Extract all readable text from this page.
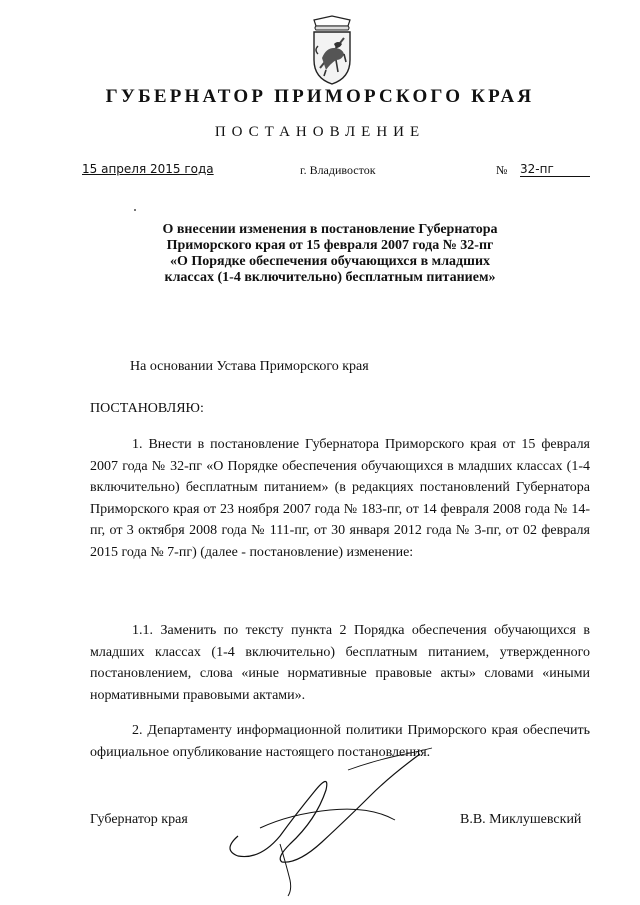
ГУБЕРНАТОР ПРИМОРСКОГО КРАЯ
ПОСТАНОВЛЕНИЕ
15 апреля 2015 года	г. Владивосток	№ 32-пг
О внесении изменения в постановление Губернатора
Приморского края от 15 февраля 2007 года № 32-пг
«О Порядке обеспечения обучающихся в младших
классах (1-4 включительно) бесплатным питанием»
На основании Устава Приморского края
ПОСТАНОВЛЯЮ:
1. Внести в постановление Губернатора Приморского края от 15 февраля 2007 года № 32-пг «О Порядке обеспечения обучающихся в младших классах (1-4 включительно) бесплатным питанием» (в редакциях постановлений Губернатора Приморского края от 23 ноября 2007 года № 183-пг, от 14 февраля 2008 года № 14-пг, от 3 октября 2008 года № 111-пг, от 30 января 2012 года № 3-пг, от 02 февраля 2015 года № 7-пг) (далее - постановление) изменение:
1.1. Заменить по тексту пункта 2 Порядка обеспечения обучающихся в младших классах (1-4 включительно) бесплатным питанием, утвержденного постановлением, слова «иные нормативные правовые акты» словами «иными нормативными правовыми актами».
2. Департаменту информационной политики Приморского края обеспечить официальное опубликование настоящего постановления.
Губернатор края	В.В. Миклушевский
